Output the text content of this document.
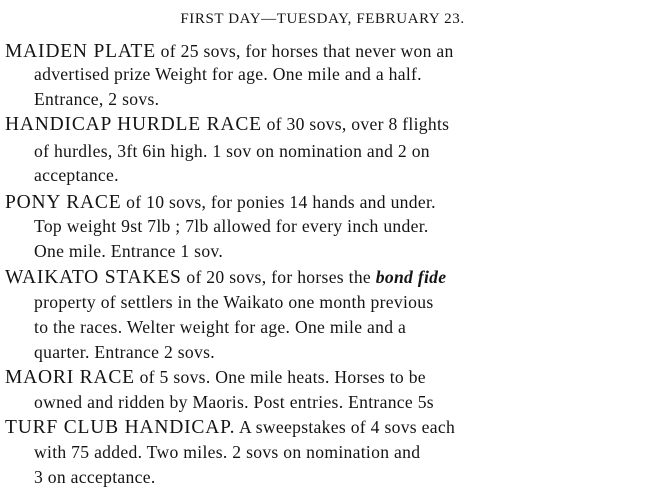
FIRST DAY—TUESDAY, FEBRUARY 23.
MAIDEN PLATE of 25 sovs, for horses that never won an
advertised prize Weight for age. One mile and a half.
Entrance, 2 sovs.
HANDICAP HURDLE RACE of 30 sovs, over 8 flights
of hurdles, 3ft 6in high. 1 sov on nomination and 2 on
acceptance.
PONY RACE of 10 sovs, for ponies 14 hands and under.
Top weight 9st 7lb ; 7lb allowed for every inch under.
One mile. Entrance 1 sov.
WAIKATO STAKES of 20 sovs, for horses the bond fide
property of settlers in the Waikato one month previous
to the races. Welter weight for age. One mile and a
quarter. Entrance 2 sovs.
MAORI RACE of 5 sovs. One mile heats. Horses to be
owned and ridden by Maoris. Post entries. Entrance 5s
TURF CLUB HANDICAP. A sweepstakes of 4 sovs each
with 75 added. Two miles. 2 sovs on nomination and
3 on acceptance.
